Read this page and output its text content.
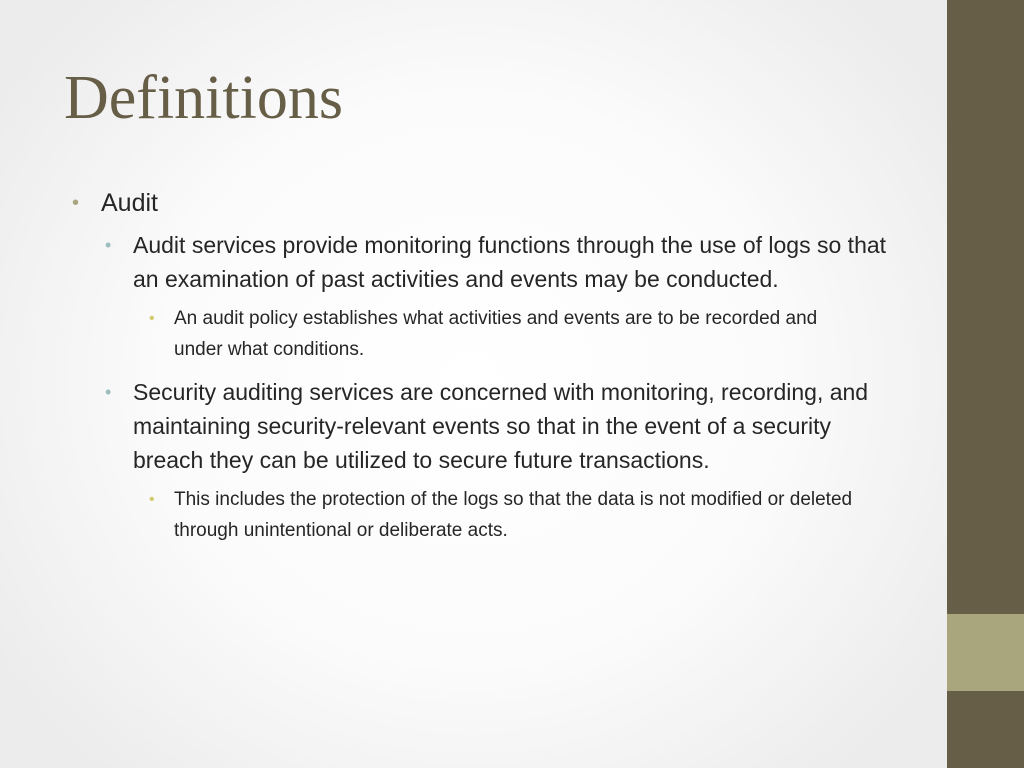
Definitions

• Audit

• Audit services provide monitoring functions through the use of logs so that an examination of past activities and events may be conducted.

• An audit policy establishes what activities and events are to be recorded and under what conditions.

• Security auditing services are concerned with monitoring, recording, and maintaining security-relevant events so that in the event of a security breach they can be utilized to secure future transactions.

• This includes the protection of the logs so that the data is not modified or deleted through unintentional or deliberate acts.
